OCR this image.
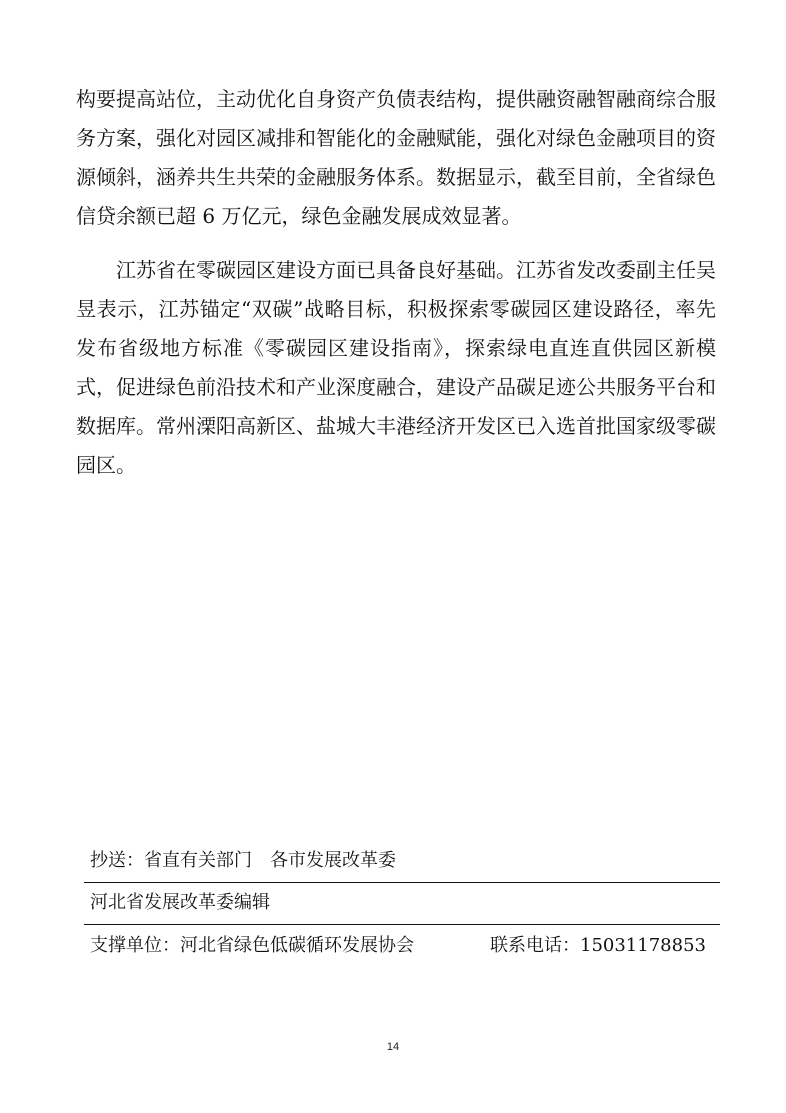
构要提高站位，主动优化自身资产负债表结构，提供融资融智融商综合服务方案，强化对园区减排和智能化的金融赋能，强化对绿色金融项目的资源倾斜，涵养共生共荣的金融服务体系。数据显示，截至目前，全省绿色信贷余额已超 6 万亿元，绿色金融发展成效显著。

江苏省在零碳园区建设方面已具备良好基础。江苏省发改委副主任吴昱表示，江苏锚定“双碳”战略目标，积极探索零碳园区建设路径，率先发布省级地方标准《零碳园区建设指南》，探索绿电直连直供园区新模式，促进绿色前沿技术和产业深度融合，建设产品碳足迹公共服务平台和数据库。常州溧阳高新区、盐城大丰港经济开发区已入选首批国家级零碳园区。

抄送：省直有关部门　各市发展改革委
河北省发展改革委编辑
支撑单位：河北省绿色低碳循环发展协会	联系电话：15031178853
14
